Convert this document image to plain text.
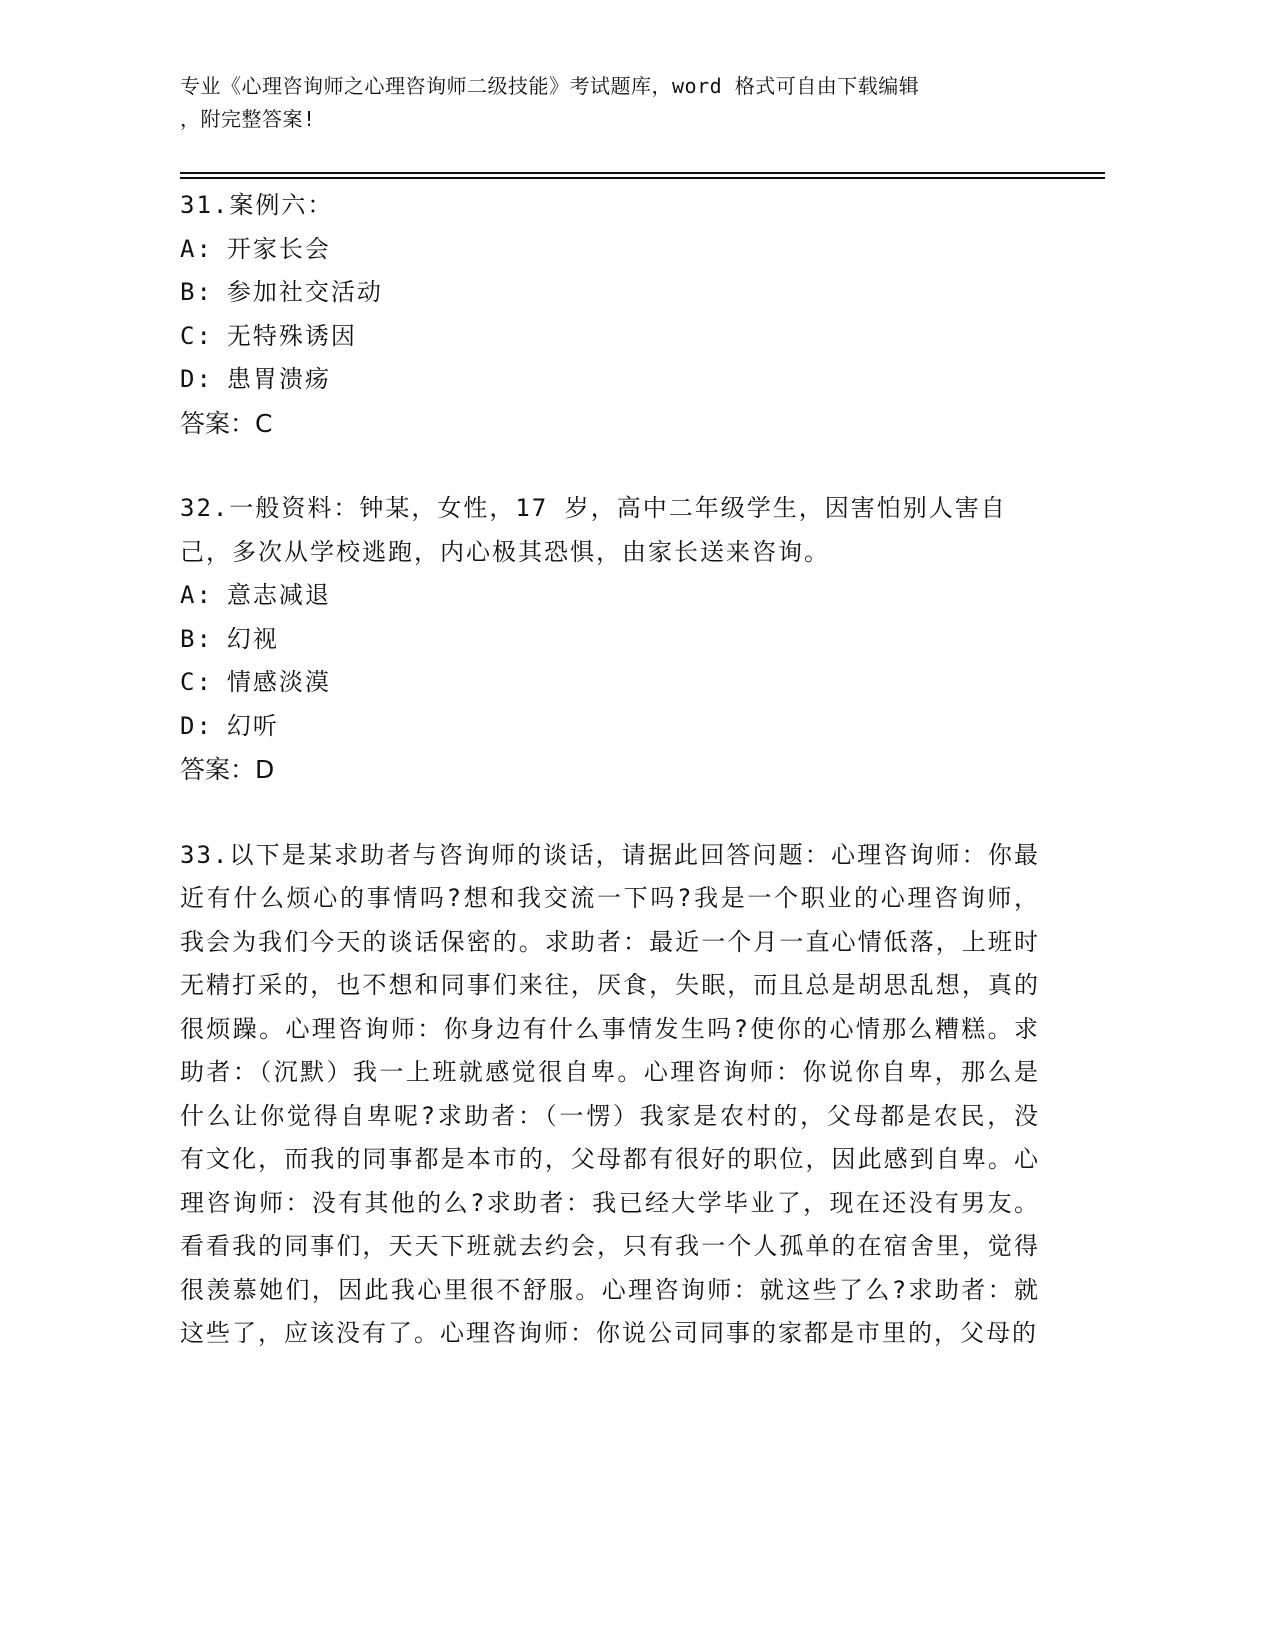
专业《心理咨询师之心理咨询师二级技能》考试题库，word 格式可自由下载编辑

，附完整答案!

31.案例六：

A: 开家长会

B: 参加社交活动

C: 无特殊诱因

D: 患胃溃疡

答案：C

32.一般资料：钟某，女性，17 岁，高中二年级学生，因害怕别人害自己，多次从学校逃跑，内心极其恐惧，由家长送来咨询。

A: 意志减退

B: 幻视

C: 情感淡漠

D: 幻听

答案：D

33.以下是某求助者与咨询师的谈话，请据此回答问题：心理咨询师：你最近有什么烦心的事情吗?想和我交流一下吗?我是一个职业的心理咨询师，我会为我们今天的谈话保密的。求助者：最近一个月一直心情低落，上班时无精打采的，也不想和同事们来往，厌食，失眠，而且总是胡思乱想，真的很烦躁。心理咨询师：你身边有什么事情发生吗?使你的心情那么糟糕。求助者：（沉默）我一上班就感觉很自卑。心理咨询师：你说你自卑，那么是什么让你觉得自卑呢?求助者：（一愣）我家是农村的，父母都是农民，没有文化，而我的同事都是本市的，父母都有很好的职位，因此感到自卑。心理咨询师：没有其他的么?求助者：我已经大学毕业了，现在还没有男友。看看我的同事们，天天下班就去约会，只有我一个人孤单的在宿舍里，觉得很羡慕她们，因此我心里很不舒服。心理咨询师：就这些了么?求助者：就这些了，应该没有了。心理咨询师：你说公司同事的家都是市里的，父母的
